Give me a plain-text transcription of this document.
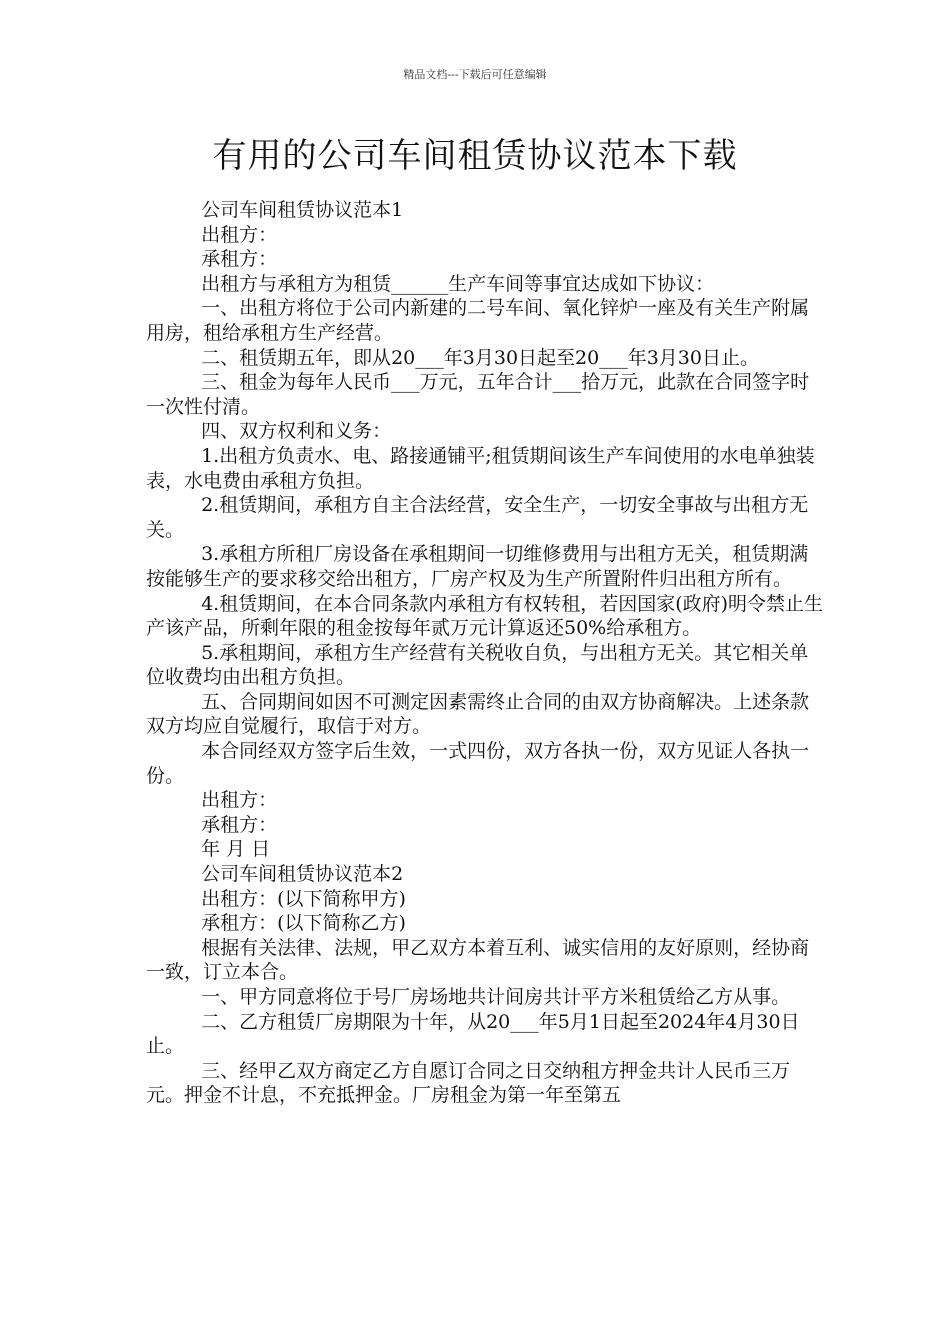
精品文档---下载后可任意编辑
有用的公司车间租赁协议范本下载

公司车间租赁协议范本1

出租方：

承租方：

出租方与承租方为租赁______生产车间等事宜达成如下协议：

一、出租方将位于公司内新建的二号车间、氧化锌炉一座及有关生产附属用房，租给承租方生产经营。

二、租赁期五年，即从20___年3月30日起至20___年3月30日止。

三、租金为每年人民币___万元，五年合计___拾万元，此款在合同签字时一次性付清。

四、双方权利和义务：

1.出租方负责水、电、路接通铺平;租赁期间该生产车间使用的水电单独装表，水电费由承租方负担。

2.租赁期间，承租方自主合法经营，安全生产，一切安全事故与出租方无关。

3.承租方所租厂房设备在承租期间一切维修费用与出租方无关，租赁期满按能够生产的要求移交给出租方，厂房产权及为生产所置附件归出租方所有。

4.租赁期间，在本合同条款内承租方有权转租，若因国家(政府)明令禁止生产该产品，所剩年限的租金按每年贰万元计算返还50%给承租方。

5.承租期间，承租方生产经营有关税收自负，与出租方无关。其它相关单位收费均由出租方负担。

五、合同期间如因不可测定因素需终止合同的由双方协商解决。上述条款双方均应自觉履行，取信于对方。

本合同经双方签字后生效，一式四份，双方各执一份，双方见证人各执一份。

出租方：

承租方：

年 月 日

公司车间租赁协议范本2

出租方：(以下简称甲方)

承租方：(以下简称乙方)

根据有关法律、法规，甲乙双方本着互利、诚实信用的友好原则，经协商一致，订立本合。

一、甲方同意将位于号厂房场地共计间房共计平方米租赁给乙方从事。

二、乙方租赁厂房期限为十年，从20___年5月1日起至2024年4月30日止。

三、经甲乙双方商定乙方自愿订合同之日交纳租方押金共计人民币三万元。押金不计息，不充抵押金。厂房租金为第一年至第五
